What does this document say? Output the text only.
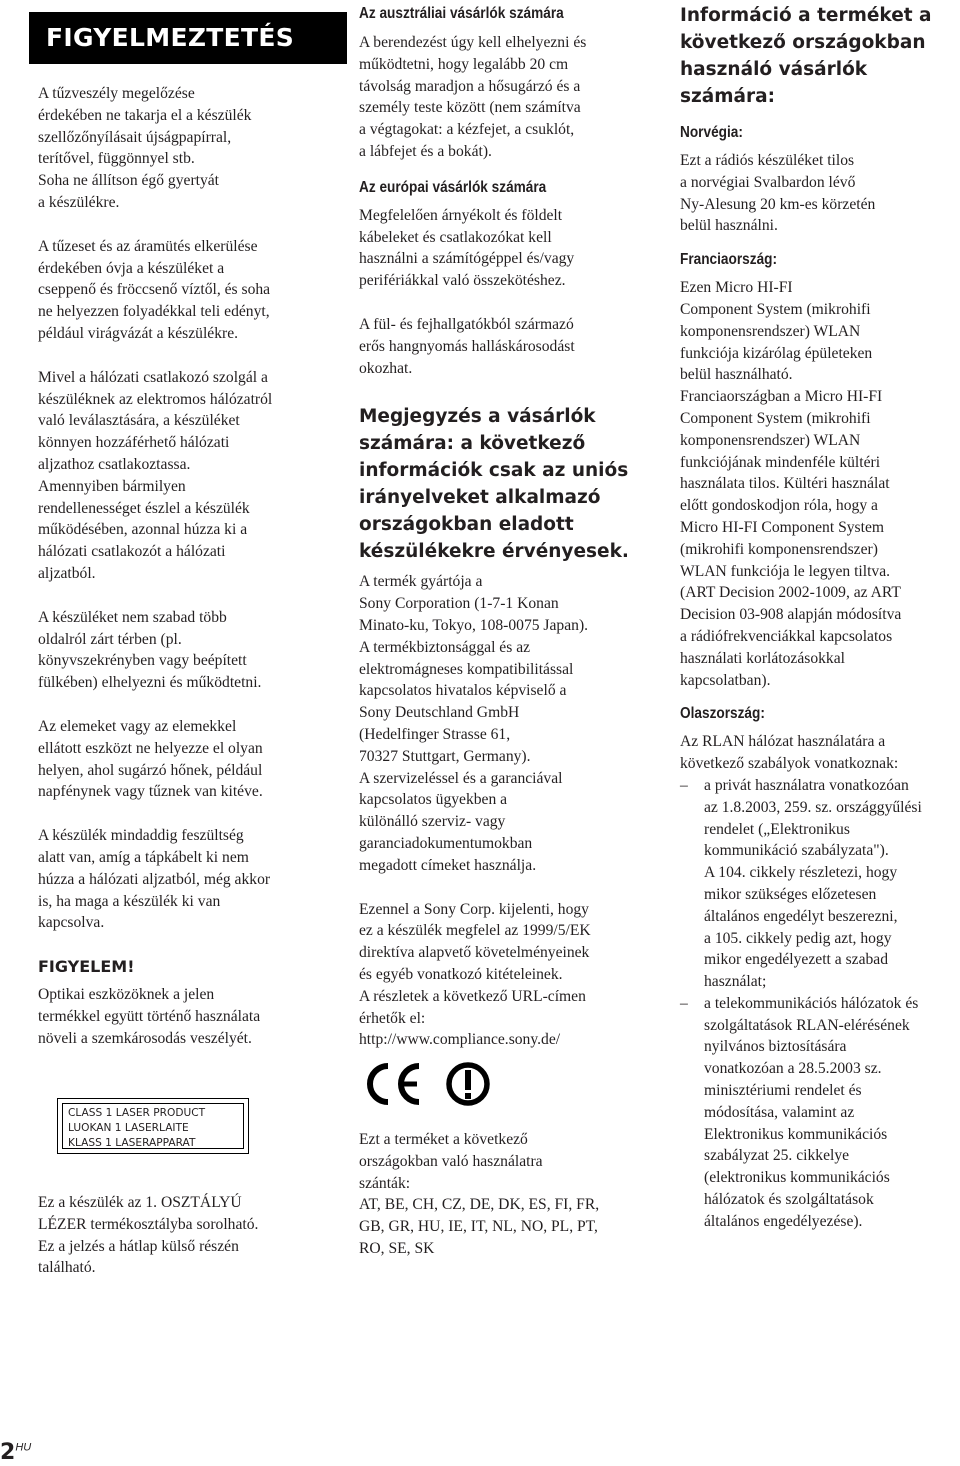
FIGYELMEZTETÉS
A tűzveszély megelőzése
érdekében ne takarja el a készülék
szellőzőnyílásait újságpapírral,
terítővel, függönnyel stb.
Soha ne állítson égő gyertyát
a készülékre.
A tűzeset és az áramütés elkerülése
érdekében óvja a készüléket a
cseppenő és fröccsenő víztől, és soha
ne helyezzen folyadékkal teli edényt,
például virágvázát a készülékre.
Mivel a hálózati csatlakozó szolgál a
készüléknek az elektromos hálózatról
való leválasztására, a készüléket
könnyen hozzáférhető hálózati
aljzathoz csatlakoztassa.
Amennyiben bármilyen
rendellenességet észlel a készülék
működésében, azonnal húzza ki a
hálózati csatlakozót a hálózati
aljzatból.
A készüléket nem szabad több
oldalról zárt térben (pl.
könyvszekrényben vagy beépített
fülkében) elhelyezni és működtetni.
Az elemeket vagy az elemekkel
ellátott eszközt ne helyezze el olyan
helyen, ahol sugárzó hőnek, például
napfénynek vagy tűznek van kitéve.
A készülék mindaddig feszültség
alatt van, amíg a tápkábelt ki nem
húzza a hálózati aljzatból, még akkor
is, ha maga a készülék ki van
kapcsolva.
FIGYELEM!
Optikai eszközöknek a jelen
termékkel együtt történő használata
növeli a szemkárosodás veszélyét.
CLASS 1 LASER PRODUCT
LUOKAN 1 LASERLAITE
KLASS 1 LASERAPPARAT
Ez a készülék az 1. OSZTÁLYÚ
LÉZER termékosztályba sorolható.
Ez a jelzés a hátlap külső részén
található.
Az ausztráliai vásárlók számára
A berendezést úgy kell elhelyezni és
működtetni, hogy legalább 20 cm
távolság maradjon a hősugárzó és a
személy teste között (nem számítva
a végtagokat: a kézfejet, a csuklót,
a lábfejet és a bokát).
Az európai vásárlók számára
Megfelelően árnyékolt és földelt
kábeleket és csatlakozókat kell
használni a számítógéppel és/vagy
perifériákkal való összekötéshez.
A fül- és fejhallgatókból származó
erős hangnyomás halláskárosodást
okozhat.
Megjegyzés a vásárlók
számára: a következő
információk csak az uniós
irányelveket alkalmazó
országokban eladott
készülékekre érvényesek.
A termék gyártója a
Sony Corporation (1-7-1 Konan
Minato-ku, Tokyo, 108-0075 Japan).
A termékbiztonsággal és az
elektromágneses kompatibilitással
kapcsolatos hivatalos képviselő a
Sony Deutschland GmbH
(Hedelfinger Strasse 61,
70327 Stuttgart, Germany).
A szervizeléssel és a garanciával
kapcsolatos ügyekben a
különálló szerviz- vagy
garanciadokumentumokban
megadott címeket használja.
Ezennel a Sony Corp. kijelenti, hogy
ez a készülék megfelel az 1999/5/EK
direktíva alapvető követelményeinek
és egyéb vonatkozó kitételeinek.
A részletek a következő URL-címen
érhetők el:
http://www.compliance.sony.de/
Ezt a terméket a következő
országokban való használatra
szánták:
AT, BE, CH, CZ, DE, DK, ES, FI, FR,
GB, GR, HU, IE, IT, NL, NO, PL, PT,
RO, SE, SK
Információ a terméket a
következő országokban
használó vásárlók számára:
Norvégia:
Ezt a rádiós készüléket tilos
a norvégiai Svalbardon lévő
Ny-Alesung 20 km-es körzetén
belül használni.
Franciaország:
Ezen Micro HI-FI
Component System (mikrohifi
komponensrendszer) WLAN
funkciója kizárólag épületeken
belül használható.
Franciaországban a Micro HI-FI
Component System (mikrohifi
komponensrendszer) WLAN
funkciójának mindenféle kültéri
használata tilos. Kültéri használat
előtt gondoskodjon róla, hogy a
Micro HI-FI Component System
(mikrohifi komponensrendszer)
WLAN funkciója le legyen tiltva.
(ART Decision 2002-1009, az ART
Decision 03-908 alapján módosítva
a rádiófrekvenciákkal kapcsolatos
használati korlátozásokkal
kapcsolatban).
Olaszország:
Az RLAN hálózat használatára a
következő szabályok vonatkoznak:
–	a privát használatra vonatkozóan
az 1.8.2003, 259. sz. országgyűlési
rendelet („Elektronikus
kommunikáció szabályzata").
A 104. cikkely részletezi, hogy
mikor szükséges előzetesen
általános engedélyt beszerezni,
a 105. cikkely pedig azt, hogy
mikor engedélyezett a szabad
használat;
–	a telekommunikációs hálózatok és
szolgáltatások RLAN-elérésének
nyilvános biztosítására
vonatkozóan a 28.5.2003 sz.
minisztériumi rendelet és
módosítása, valamint az
Elektronikus kommunikációs
szabályzat 25. cikkelye
(elektronikus kommunikációs
hálózatok és szolgáltatások
általános engedélyezése).
$2^{HU}$
